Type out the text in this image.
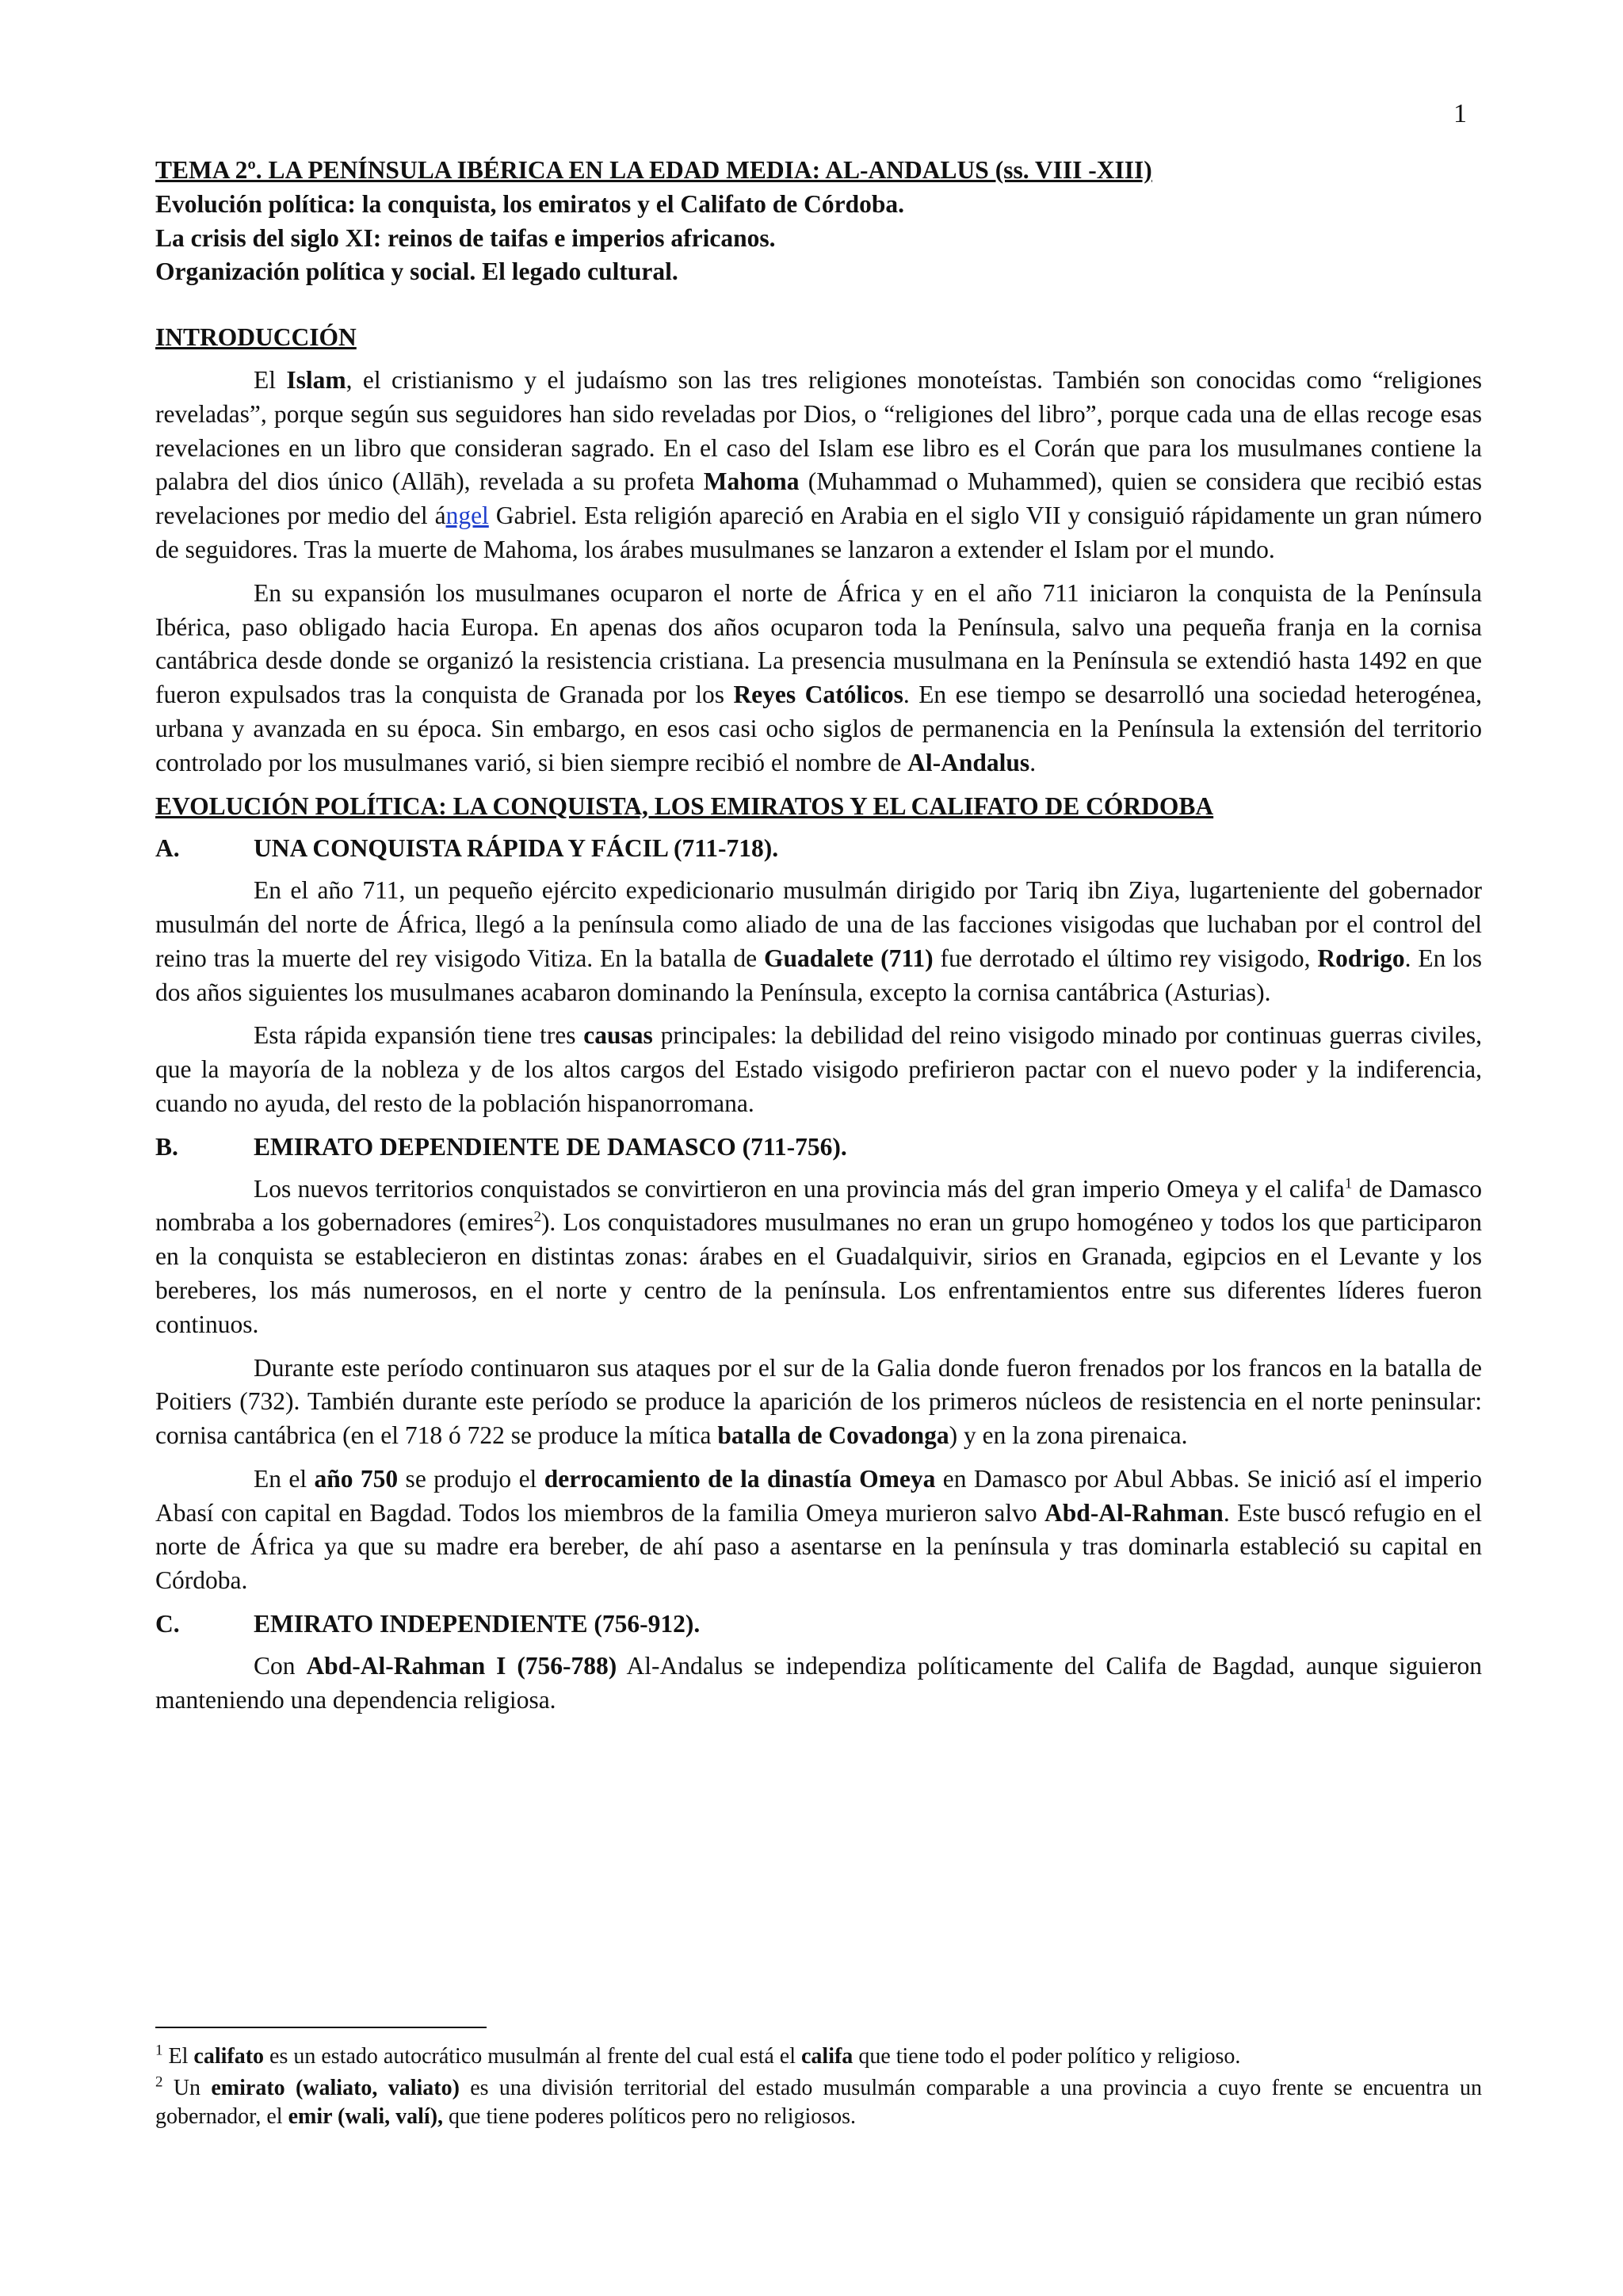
1
TEMA 2º. LA PENÍNSULA IBÉRICA EN LA EDAD MEDIA: AL-ANDALUS (ss. VIII -XIII)
Evolución política: la conquista, los emiratos y el Califato de Córdoba.
La crisis del siglo XI: reinos de taifas e imperios africanos.
Organización política y social. El legado cultural.
INTRODUCCIÓN

El Islam, el cristianismo y el judaísmo son las tres religiones monoteístas. También son conocidas como “religiones reveladas”, porque según sus seguidores han sido reveladas por Dios, o “religiones del libro”, porque cada una de ellas recoge esas revelaciones en un libro que consideran sagrado. En el caso del Islam ese libro es el Corán que para los musulmanes contiene la palabra del dios único (Allāh), revelada a su profeta Mahoma (Muhammad o Muhammed), quien se considera que recibió estas revelaciones por medio del ángel Gabriel. Esta religión apareció en Arabia en el siglo VII y consiguió rápidamente un gran número de seguidores. Tras la muerte de Mahoma, los árabes musulmanes se lanzaron a extender el Islam por el mundo.

En su expansión los musulmanes ocuparon el norte de África y en el año 711 iniciaron la conquista de la Península Ibérica, paso obligado hacia Europa. En apenas dos años ocuparon toda la Península, salvo una pequeña franja en la cornisa cantábrica desde donde se organizó la resistencia cristiana. La presencia musulmana en la Península se extendió hasta 1492 en que fueron expulsados tras la conquista de Granada por los Reyes Católicos. En ese tiempo se desarrolló una sociedad heterogénea, urbana y avanzada en su época. Sin embargo, en esos casi ocho siglos de permanencia en la Península la extensión del territorio controlado por los musulmanes varió, si bien siempre recibió el nombre de Al-Andalus.

EVOLUCIÓN POLÍTICA: LA CONQUISTA, LOS EMIRATOS Y EL CALIFATO DE CÓRDOBA
A.	UNA CONQUISTA RÁPIDA Y FÁCIL (711-718).

En el año 711, un pequeño ejército expedicionario musulmán dirigido por Tariq ibn Ziya, lugarteniente del gobernador musulmán del norte de África, llegó a la península como aliado de una de las facciones visigodas que luchaban por el control del reino tras la muerte del rey visigodo Vitiza. En la batalla de Guadalete (711) fue derrotado el último rey visigodo, Rodrigo. En los dos años siguientes los musulmanes acabaron dominando la Península, excepto la cornisa cantábrica (Asturias).

Esta rápida expansión tiene tres causas principales: la debilidad del reino visigodo minado por continuas guerras civiles, que la mayoría de la nobleza y de los altos cargos del Estado visigodo prefirieron pactar con el nuevo poder y la indiferencia, cuando no ayuda, del resto de la población hispanorromana.

B.	EMIRATO DEPENDIENTE DE DAMASCO (711-756).

Los nuevos territorios conquistados se convirtieron en una provincia más del gran imperio Omeya y el califa$^1$ de Damasco nombraba a los gobernadores (emires$^2$). Los conquistadores musulmanes no eran un grupo homogéneo y todos los que participaron en la conquista se establecieron en distintas zonas: árabes en el Guadalquivir, sirios en Granada, egipcios en el Levante y los bereberes, los más numerosos, en el norte y centro de la península. Los enfrentamientos entre sus diferentes líderes fueron continuos.

Durante este período continuaron sus ataques por el sur de la Galia donde fueron frenados por los francos en la batalla de Poitiers (732). También durante este período se produce la aparición de los primeros núcleos de resistencia en el norte peninsular: cornisa cantábrica (en el 718 ó 722 se produce la mítica batalla de Covadonga) y en la zona pirenaica.

En el año 750 se produjo el derrocamiento de la dinastía Omeya en Damasco por Abul Abbas. Se inició así el imperio Abasí con capital en Bagdad. Todos los miembros de la familia Omeya murieron salvo Abd-Al-Rahman. Este buscó refugio en el norte de África ya que su madre era bereber, de ahí paso a asentarse en la península y tras dominarla estableció su capital en Córdoba.

C.	EMIRATO INDEPENDIENTE (756-912).

Con Abd-Al-Rahman I (756-788) Al-Andalus se independiza políticamente del Califa de Bagdad, aunque siguieron manteniendo una dependencia religiosa.

$^1$ El califato es un estado autocrático musulmán al frente del cual está el califa que tiene todo el poder político y religioso.

$^2$ Un emirato (waliato, valiato) es una división territorial del estado musulmán comparable a una provincia a cuyo frente se encuentra un gobernador, el emir (wali, valí), que tiene poderes políticos pero no religiosos.
